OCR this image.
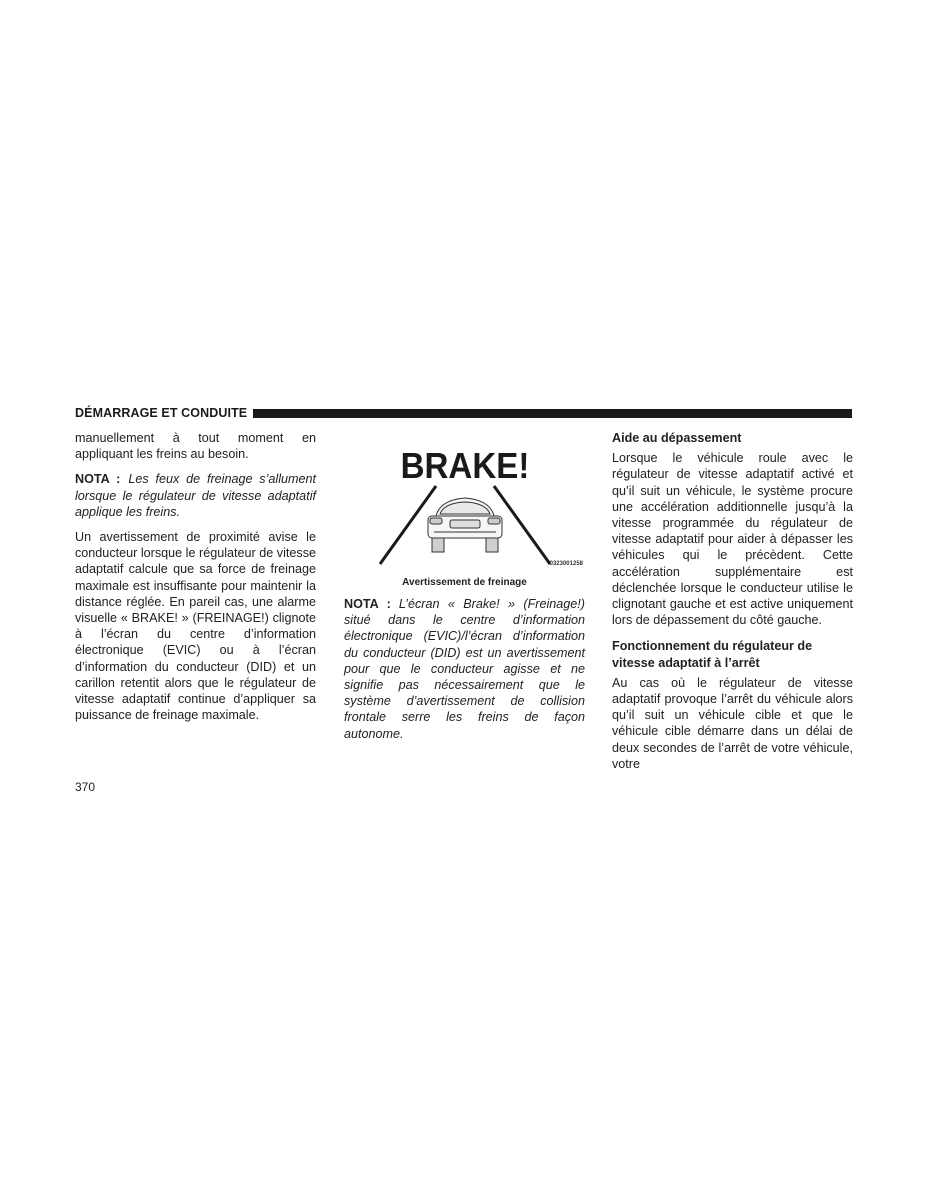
DÉMARRAGE ET CONDUITE

manuellement à tout moment en appliquant les freins au besoin.

NOTA : Les feux de freinage s’allument lorsque le régulateur de vitesse adaptatif applique les freins.

Un avertissement de proximité avise le conducteur lorsque le régulateur de vitesse adaptatif calcule que sa force de freinage maximale est insuffisante pour maintenir la distance réglée. En pareil cas, une alarme visuelle « BRAKE! » (FREINAGE!) clignote à l’écran du centre d’information électronique (EVIC) ou à l’écran d’information du conducteur (DID) et un carillon retentit alors que le régulateur de vitesse adaptatif continue d’appliquer sa puissance de freinage maximale.

BRAKE!
0323001258
Avertissement de freinage

NOTA : L’écran « Brake! » (Freinage!) situé dans le centre d’information électronique (EVIC)/l’écran d’information du conducteur (DID) est un avertissement pour que le conducteur agisse et ne signifie pas nécessairement que le système d’avertissement de collision frontale serre les freins de façon autonome.

Aide au dépassement

Lorsque le véhicule roule avec le régulateur de vitesse adaptatif activé et qu’il suit un véhicule, le système procure une accélération additionnelle jusqu’à la vitesse programmée du régulateur de vitesse adaptatif pour aider à dépasser les véhicules qui le précèdent. Cette accélération supplémentaire est déclenchée lorsque le conducteur utilise le clignotant gauche et est active uniquement lors de dépassement du côté gauche.

Fonctionnement du régulateur de vitesse adaptatif à l’arrêt

Au cas où le régulateur de vitesse adaptatif provoque l’arrêt du véhicule alors qu’il suit un véhicule cible et que le véhicule cible démarre dans un délai de deux secondes de l’arrêt de votre véhicule, votre

370
